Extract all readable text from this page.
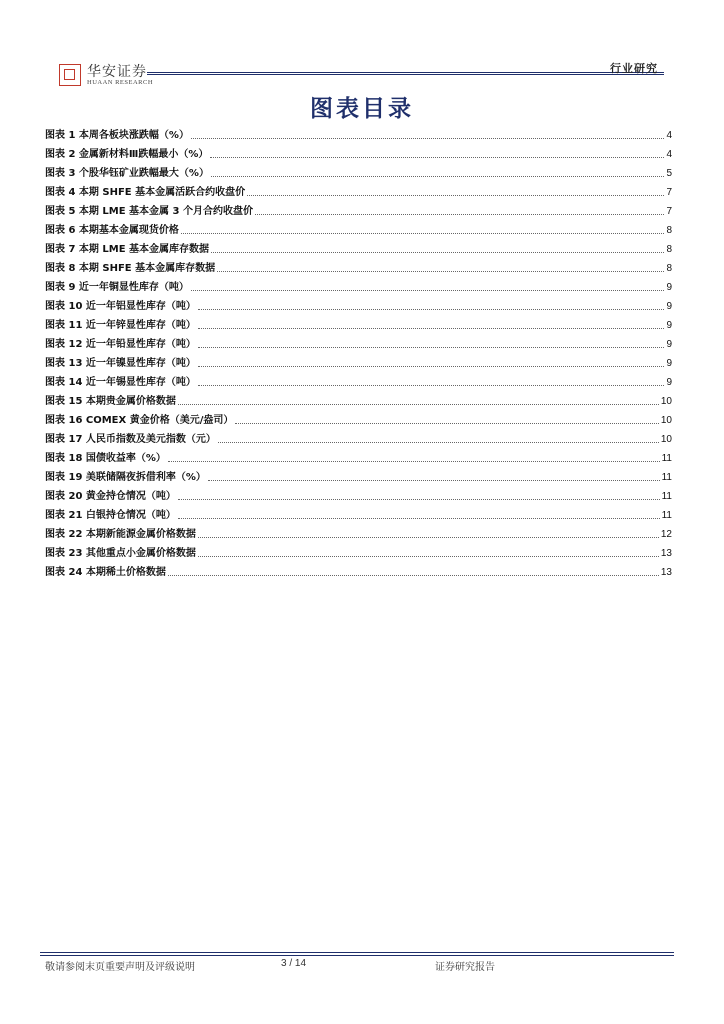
华安证券
HUAAN RESEARCH
行业研究
图表目录
图表 1 本周各板块涨跌幅（%）	4
图表 2 金属新材料Ⅲ跌幅最小（%）	4
图表 3 个股华钰矿业跌幅最大（%）	5
图表 4 本期 SHFE 基本金属活跃合约收盘价	7
图表 5 本期 LME 基本金属 3 个月合约收盘价	7
图表 6 本期基本金属现货价格	8
图表 7 本期 LME 基本金属库存数据	8
图表 8 本期 SHFE 基本金属库存数据	8
图表 9 近一年铜显性库存（吨）	9
图表 10 近一年铝显性库存（吨）	9
图表 11 近一年锌显性库存（吨）	9
图表 12 近一年铅显性库存（吨）	9
图表 13 近一年镍显性库存（吨）	9
图表 14 近一年锡显性库存（吨）	9
图表 15 本期贵金属价格数据	10
图表 16 COMEX 黄金价格（美元/盎司）	10
图表 17 人民币指数及美元指数（元）	10
图表 18 国债收益率（%）	11
图表 19 美联储隔夜拆借利率（%）	11
图表 20 黄金持仓情况（吨）	11
图表 21 白银持仓情况（吨）	11
图表 22 本期新能源金属价格数据	12
图表 23 其他重点小金属价格数据	13
图表 24 本期稀土价格数据	13
敬请参阅末页重要声明及评级说明	3 / 14	证券研究报告
